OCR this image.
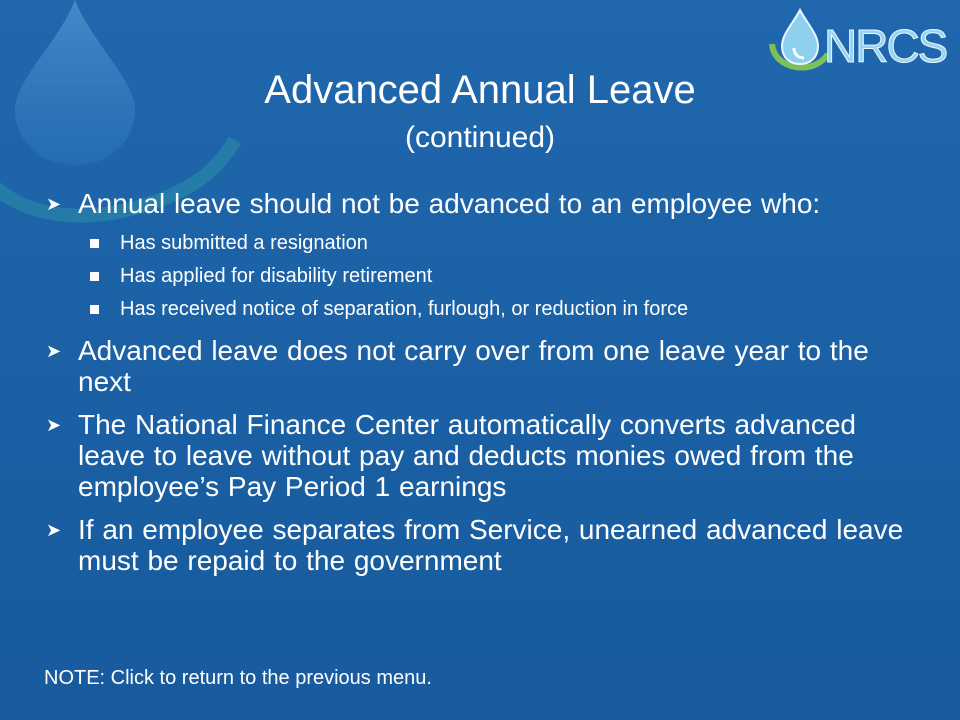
NRCS
Advanced Annual Leave
(continued)
➤ Annual leave should not be advanced to an employee who:
Has submitted a resignation
Has applied for disability retirement
Has received notice of separation, furlough, or reduction in force
➤ Advanced leave does not carry over from one leave year to the next
➤ The National Finance Center automatically converts advanced leave to leave without pay and deducts monies owed from the employee’s Pay Period 1 earnings
➤ If an employee separates from Service, unearned advanced leave must be repaid to the government
NOTE: Click to return to the previous menu.
